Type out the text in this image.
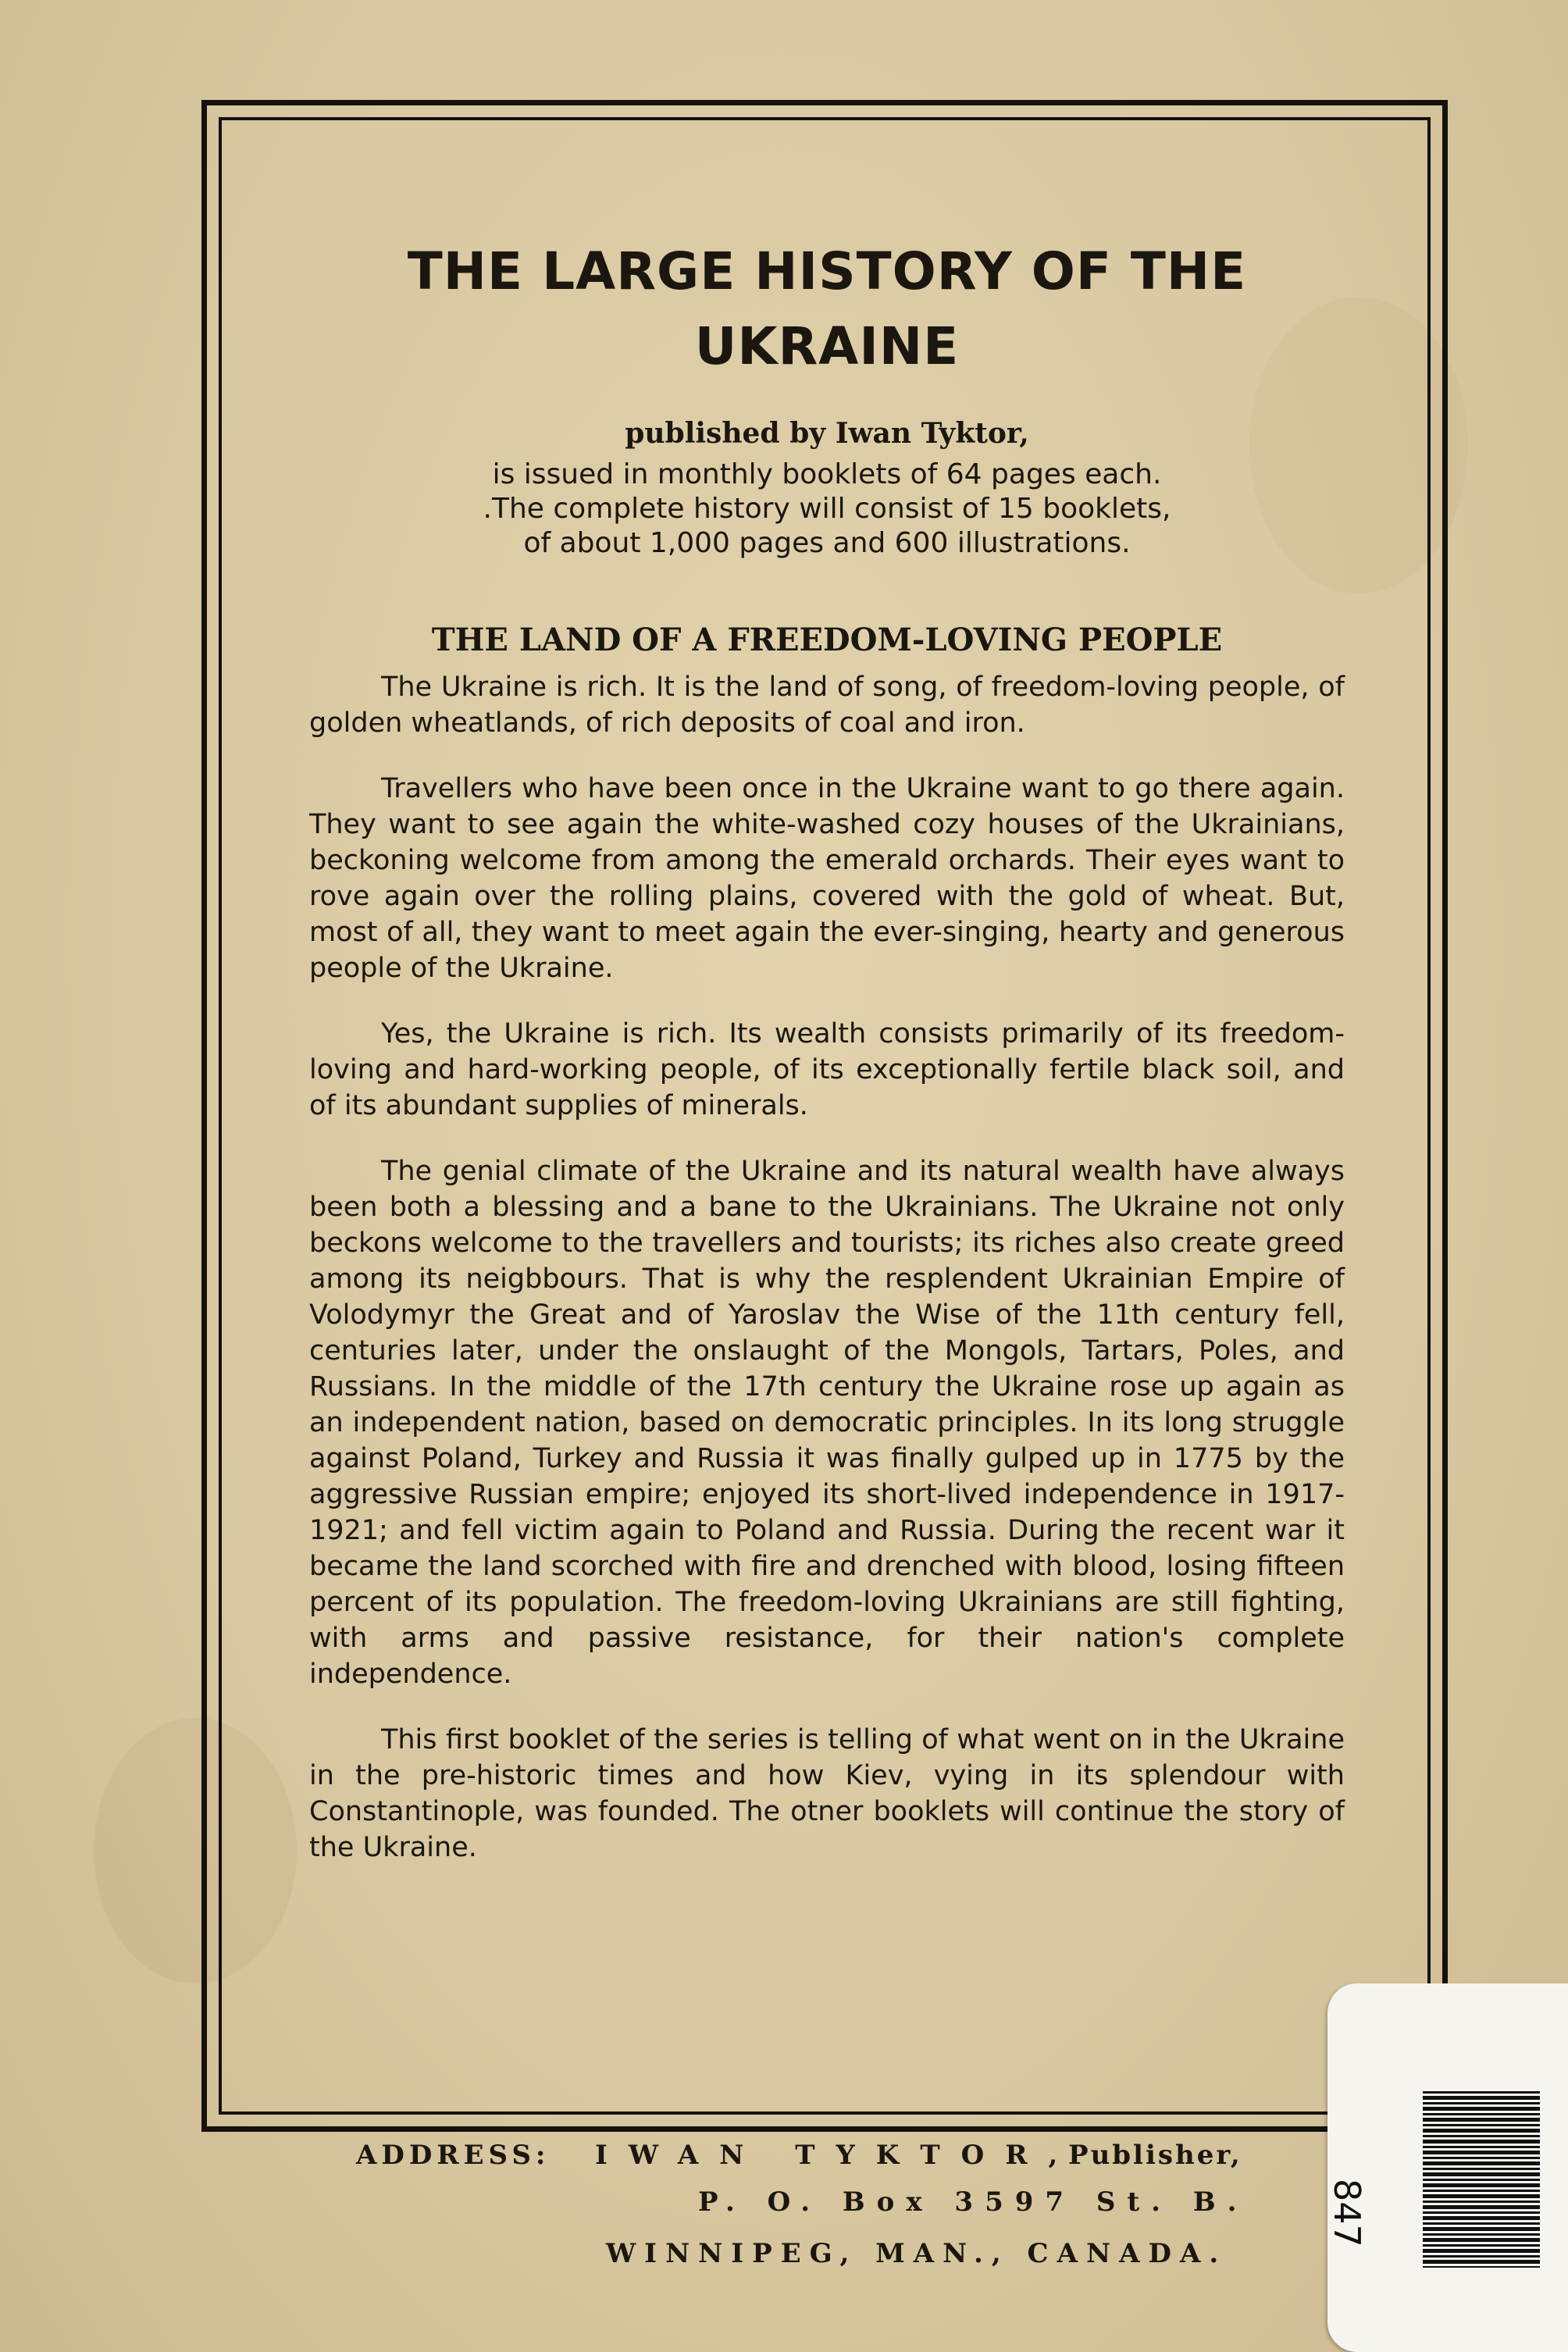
THE LARGE HISTORY OF THE
UKRAINE

published by Iwan Tyktor,

is issued in monthly booklets of 64 pages each.
.The complete history will consist of 15 booklets,
of about 1,000 pages and 600 illustrations.
THE LAND OF A FREEDOM-LOVING PEOPLE

The Ukraine is rich. It is the land of song, of freedom-loving people, of golden wheatlands, of rich deposits of coal and iron.

Travellers who have been once in the Ukraine want to go there again. They want to see again the white-washed cozy houses of the Ukrainians, beckoning welcome from among the emerald orchards. Their eyes want to rove again over the rolling plains, covered with the gold of wheat. But, most of all, they want to meet again the ever-singing, hearty and generous people of the Ukraine.

Yes, the Ukraine is rich. Its wealth consists primarily of its freedom-loving and hard-working people, of its exceptionally fertile black soil, and of its abundant supplies of minerals.

The genial climate of the Ukraine and its natural wealth have always been both a blessing and a bane to the Ukrainians. The Ukraine not only beckons welcome to the travellers and tourists; its riches also create greed among its neigbbours. That is why the resplendent Ukrainian Empire of Volodymyr the Great and of Yaroslav the Wise of the 11th century fell, centuries later, under the onslaught of the Mongols, Tartars, Poles, and Russians. In the middle of the 17th century the Ukraine rose up again as an independent nation, based on democratic principles. In its long struggle against Poland, Turkey and Russia it was finally gulped up in 1775 by the aggressive Russian empire; enjoyed its short-lived independence in 1917-1921; and fell victim again to Poland and Russia. During the recent war it became the land scorched with fire and drenched with blood, losing fifteen percent of its population. The freedom-loving Ukrainians are still fighting, with arms and passive resistance, for their nation's complete independence.

This first booklet of the series is telling of what went on in the Ukraine in the pre-historic times and how Kiev, vying in its splendour with Constantinople, was founded. The otner booklets will continue the story of the Ukraine.

ADDRESS: IWAN TYKTOR,
Publisher,
P. O. Box 3597 St. B.
WINNIPEG, MAN., CANADA.
847
